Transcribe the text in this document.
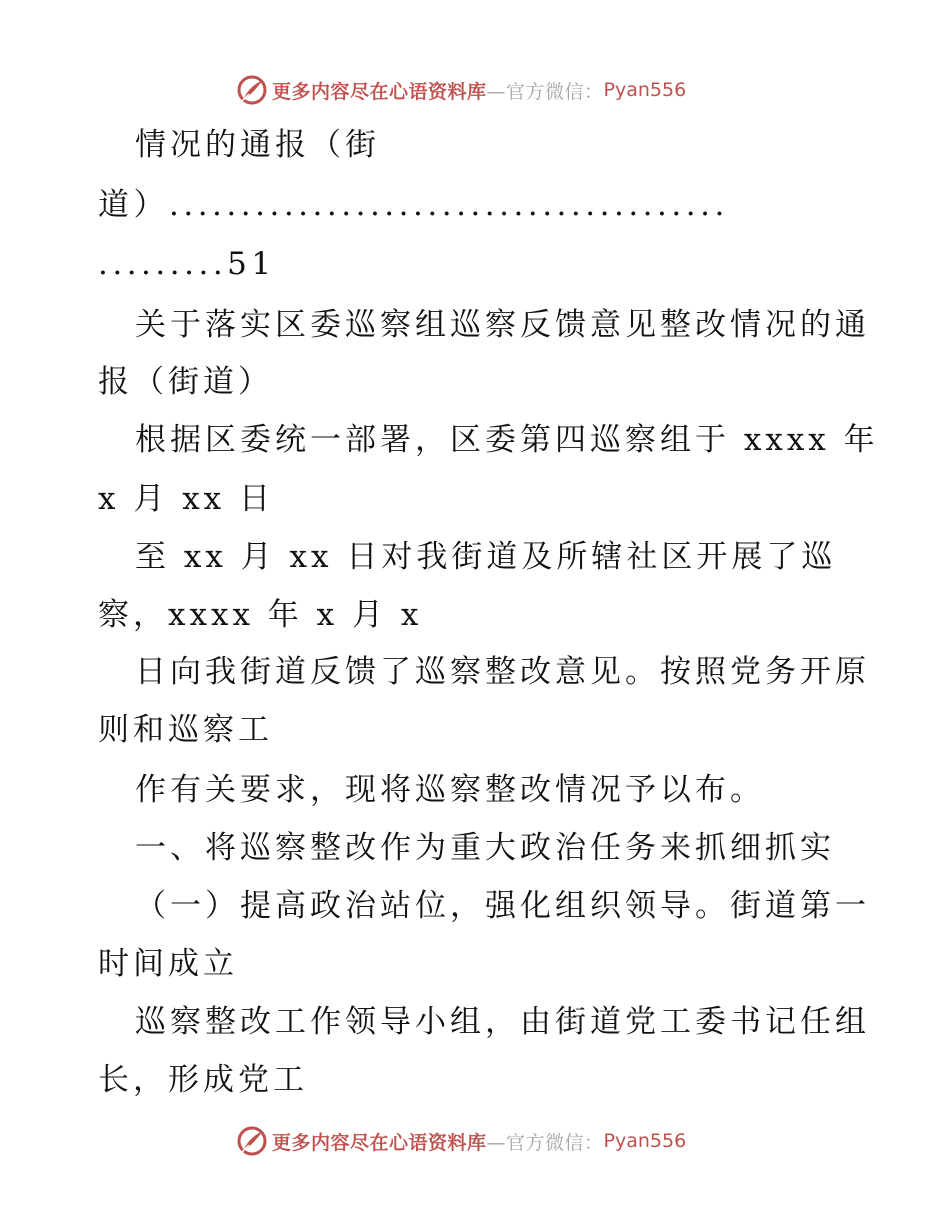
更多内容尽在心语资料库 —官方微信： Pyan556
情况的通报（街
道）.......................................
.........51
关于落实区委巡察组巡察反馈意见整改情况的通
报（街道）
根据区委统一部署，区委第四巡察组于 xxxx 年
x 月 xx 日
至 xx 月 xx 日对我街道及所辖社区开展了巡
察，xxxx 年 x 月 x
日向我街道反馈了巡察整改意见。按照党务开原
则和巡察工
作有关要求，现将巡察整改情况予以布。
一、将巡察整改作为重大政治任务来抓细抓实
（一）提高政治站位，强化组织领导。街道第一
时间成立
巡察整改工作领导小组，由街道党工委书记任组
长，形成党工
更多内容尽在心语资料库 —官方微信： Pyan556
